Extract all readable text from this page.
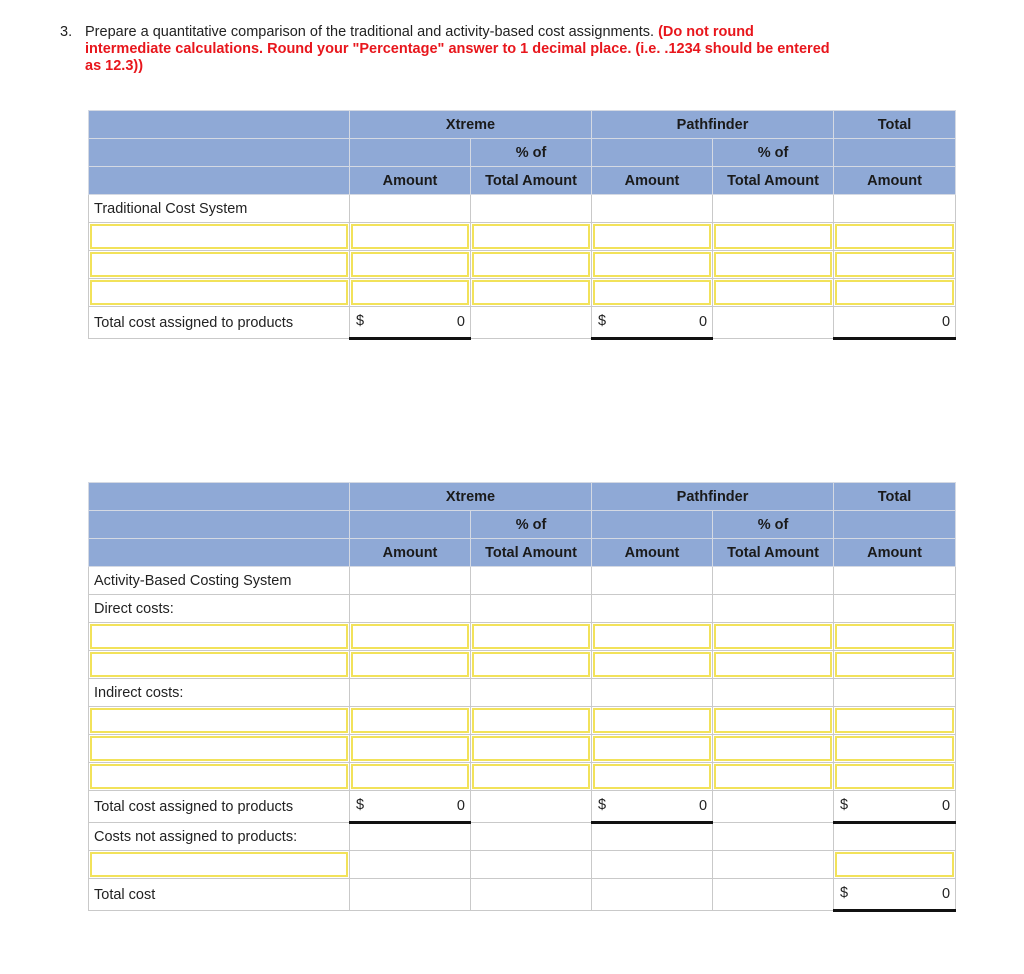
3. Prepare a quantitative comparison of the traditional and activity-based cost assignments. (Do not round intermediate calculations. Round your "Percentage" answer to 1 decimal place. (i.e. .1234 should be entered as 12.3))
	Xtreme		Pathfinder		Total
		% of		% of	
	Amount	Total Amount	Amount	Total Amount	Amount
Traditional Cost System					

Total cost assigned to products	$ 0		$ 0		0
	Xtreme		Pathfinder		Total
		% of		% of	
	Amount	Total Amount	Amount	Total Amount	Amount
Activity-Based Costing System					
Direct costs:					

Indirect costs:					

Total cost assigned to products	$ 0		$ 0		$ 0
Costs not assigned to products:					

Total cost					$ 0
